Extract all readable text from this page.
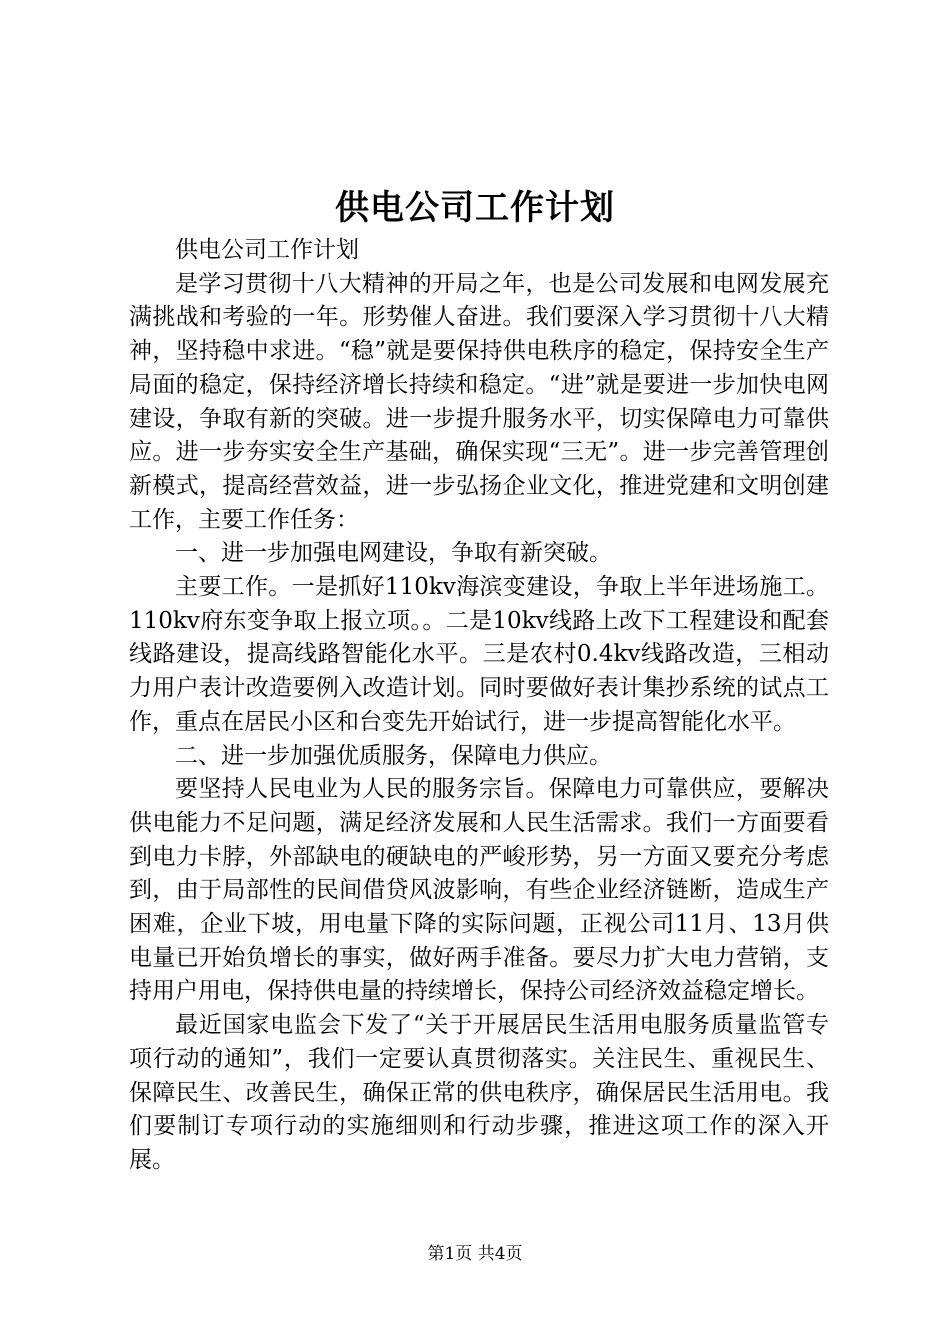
供电公司工作计划

供电公司工作计划

是学习贯彻十八大精神的开局之年，也是公司发展和电网发展充满挑战和考验的一年。形势催人奋进。我们要深入学习贯彻十八大精神，坚持稳中求进。“稳”就是要保持供电秩序的稳定，保持安全生产局面的稳定，保持经济增长持续和稳定。“进”就是要进一步加快电网建设，争取有新的突破。进一步提升服务水平，切实保障电力可靠供应。进一步夯实安全生产基础，确保实现“三无”。进一步完善管理创新模式，提高经营效益，进一步弘扬企业文化，推进党建和文明创建工作，主要工作任务：

一、进一步加强电网建设，争取有新突破。

主要工作。一是抓好110kv海滨变建设，争取上半年进场施工。110kv府东变争取上报立项。。二是10kv线路上改下工程建设和配套线路建设，提高线路智能化水平。三是农村0.4kv线路改造，三相动力用户表计改造要例入改造计划。同时要做好表计集抄系统的试点工作，重点在居民小区和台变先开始试行，进一步提高智能化水平。

二、进一步加强优质服务，保障电力供应。

要坚持人民电业为人民的服务宗旨。保障电力可靠供应，要解决供电能力不足问题，满足经济发展和人民生活需求。我们一方面要看到电力卡脖，外部缺电的硬缺电的严峻形势，另一方面又要充分考虑到，由于局部性的民间借贷风波影响，有些企业经济链断，造成生产困难，企业下坡，用电量下降的实际问题，正视公司11月、13月供电量已开始负增长的事实，做好两手准备。要尽力扩大电力营销，支持用户用电，保持供电量的持续增长，保持公司经济效益稳定增长。

最近国家电监会下发了“关于开展居民生活用电服务质量监管专项行动的通知”，我们一定要认真贯彻落实。关注民生、重视民生、保障民生、改善民生，确保正常的供电秩序，确保居民生活用电。我们要制订专项行动的实施细则和行动步骤，推进这项工作的深入开展。

第1页 共4页
